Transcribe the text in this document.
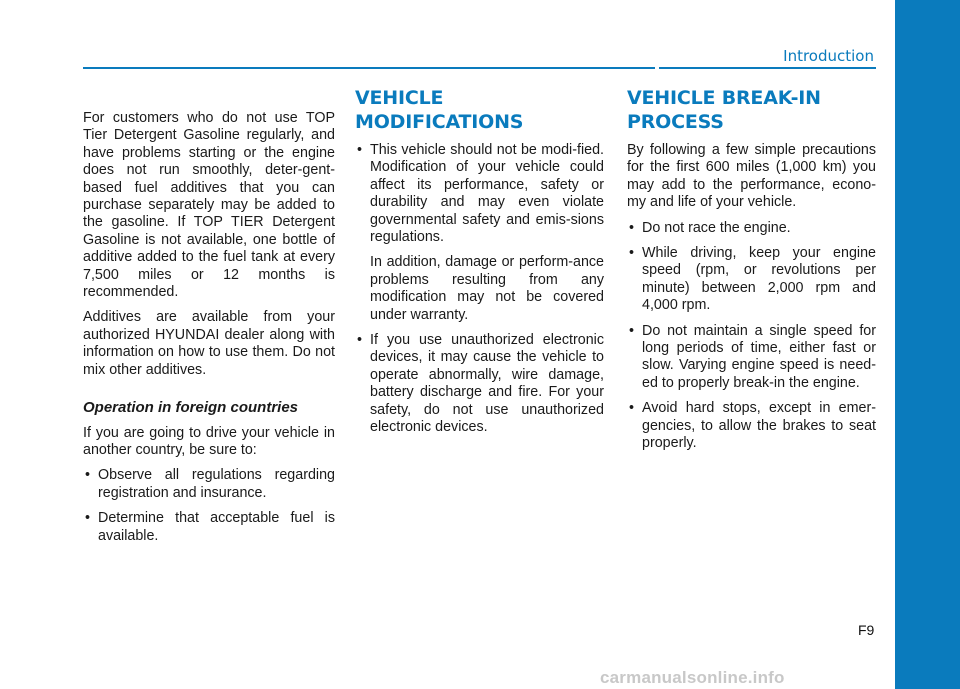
Introduction

For customers who do not use TOP Tier Detergent Gasoline regularly, and have problems starting or the engine does not run smoothly, deter-gent-based fuel additives that you can purchase separately may be added to the gasoline. If TOP TIER Detergent Gasoline is not available, one bottle of additive added to the fuel tank at every 7,500 miles or 12 months is recommended.

Additives are available from your authorized HYUNDAI dealer along with information on how to use them. Do not mix other additives.

Operation in foreign countries

If you are going to drive your vehicle in another country, be sure to:

• Observe all regulations regarding registration and insurance.
• Determine that acceptable fuel is available.
VEHICLE MODIFICATIONS
• This vehicle should not be modi-fied. Modification of your vehicle could affect its performance, safety or durability and may even violate governmental safety and emis-sions regulations.

In addition, damage or perform-ance problems resulting from any modification may not be covered under warranty.

• If you use unauthorized electronic devices, it may cause the vehicle to operate abnormally, wire damage, battery discharge and fire. For your safety, do not use unauthorized electronic devices.
VEHICLE BREAK-IN PROCESS

By following a few simple precautions for the first 600 miles (1,000 km) you may add to the performance, econo-my and life of your vehicle.

• Do not race the engine.
• While driving, keep your engine speed (rpm, or revolutions per minute) between 2,000 rpm and 4,000 rpm.
• Do not maintain a single speed for long periods of time, either fast or slow. Varying engine speed is need-ed to properly break-in the engine.
• Avoid hard stops, except in emer-gencies, to allow the brakes to seat properly.
F9
carmanualsonline.info
